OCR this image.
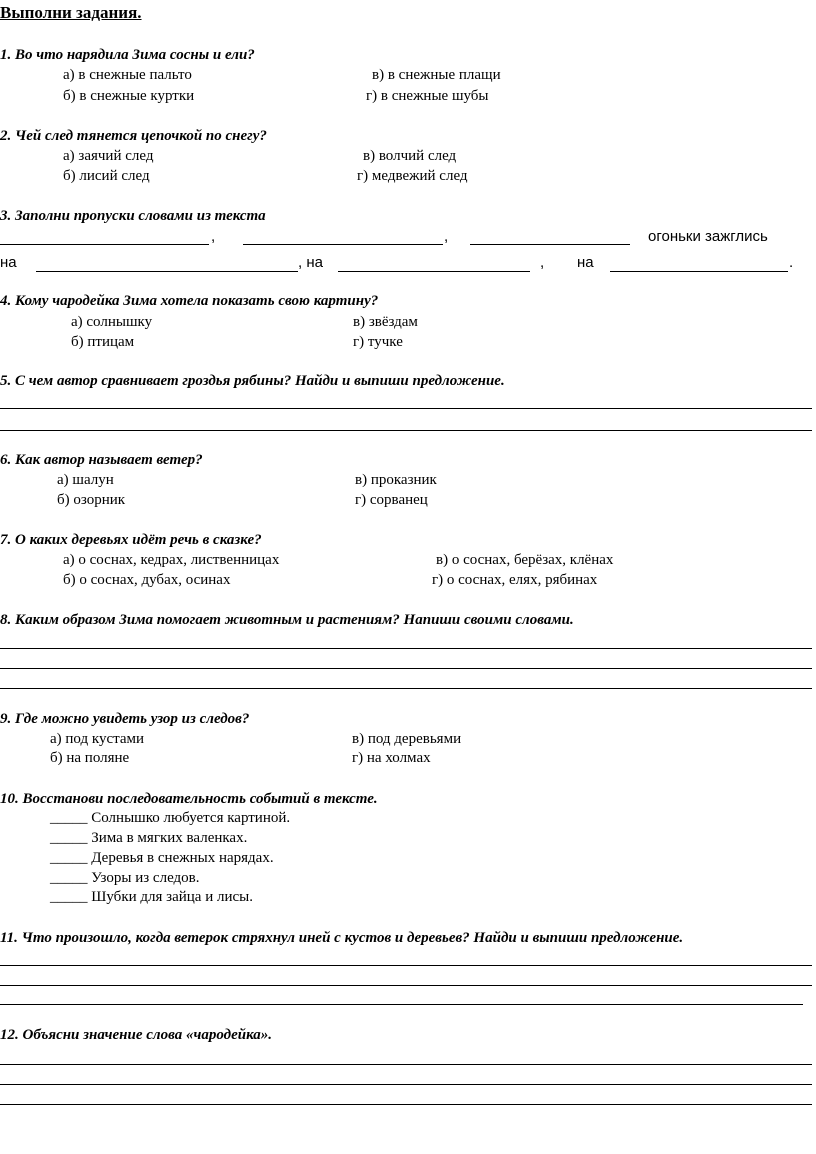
Выполни задания.
1. Во что нарядила Зима сосны и ели?
а) в снежные пальто
б) в снежные куртки
в) в снежные плащи
г) в снежные шубы
2. Чей след тянется цепочкой по снегу?
а) заячий след
б) лисий след
в) волчий след
г) медвежий след
3. Заполни пропуски словами из текста
,	,	огоньки зажглись
на	, на	, на	.
4. Кому чародейка Зима хотела показать свою картину?
а) солнышку
б) птицам
в) звёздам
г) тучке
5. С чем автор сравнивает гроздья рябины? Найди и выпиши предложение.
6. Как автор называет ветер?
а) шалун
б) озорник
в) проказник
г) сорванец
7. О каких деревьях идёт речь в сказке?
а) о соснах, кедрах, лиственницах
б) о соснах, дубах, осинах
в) о соснах, берёзах, клёнах
г) о соснах, елях, рябинах
8. Каким образом Зима помогает животным и растениям? Напиши своими словами.
9. Где можно увидеть узор из следов?
а) под кустами
б) на поляне
в) под деревьями
г) на холмах
10. Восстанови последовательность событий в тексте.
_____ Солнышко любуется картиной.
_____ Зима в мягких валенках.
_____ Деревья в снежных нарядах.
_____ Узоры из следов.
_____ Шубки для зайца и лисы.
11. Что произошло, когда ветерок стряхнул иней с кустов и деревьев? Найди и выпиши предложение.
12. Объясни значение слова «чародейка».
